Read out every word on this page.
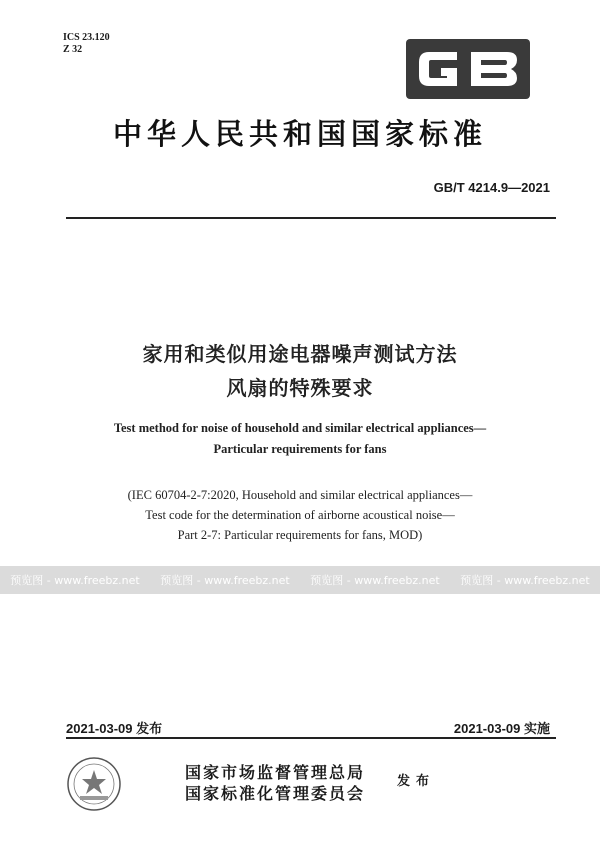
ICS 23.120
Z 32
中华人民共和国国家标准
GB/T 4214.9—2021
家用和类似用途电器噪声测试方法
风扇的特殊要求
Test method for noise of household and similar electrical appliances—
Particular requirements for fans
(IEC 60704-2-7:2020, Household and similar electrical appliances—
Test code for the determination of airborne acoustical noise—
Part 2-7: Particular requirements for fans, MOD)
预览图 - www.freebz.net 预览图 - www.freebz.net 预览图 - www.freebz.net 预览图 - www.freebz.net
2021-03-09 发布	2021-03-09 实施
国家市场监督管理总局
国家标准化管理委员会
发布
